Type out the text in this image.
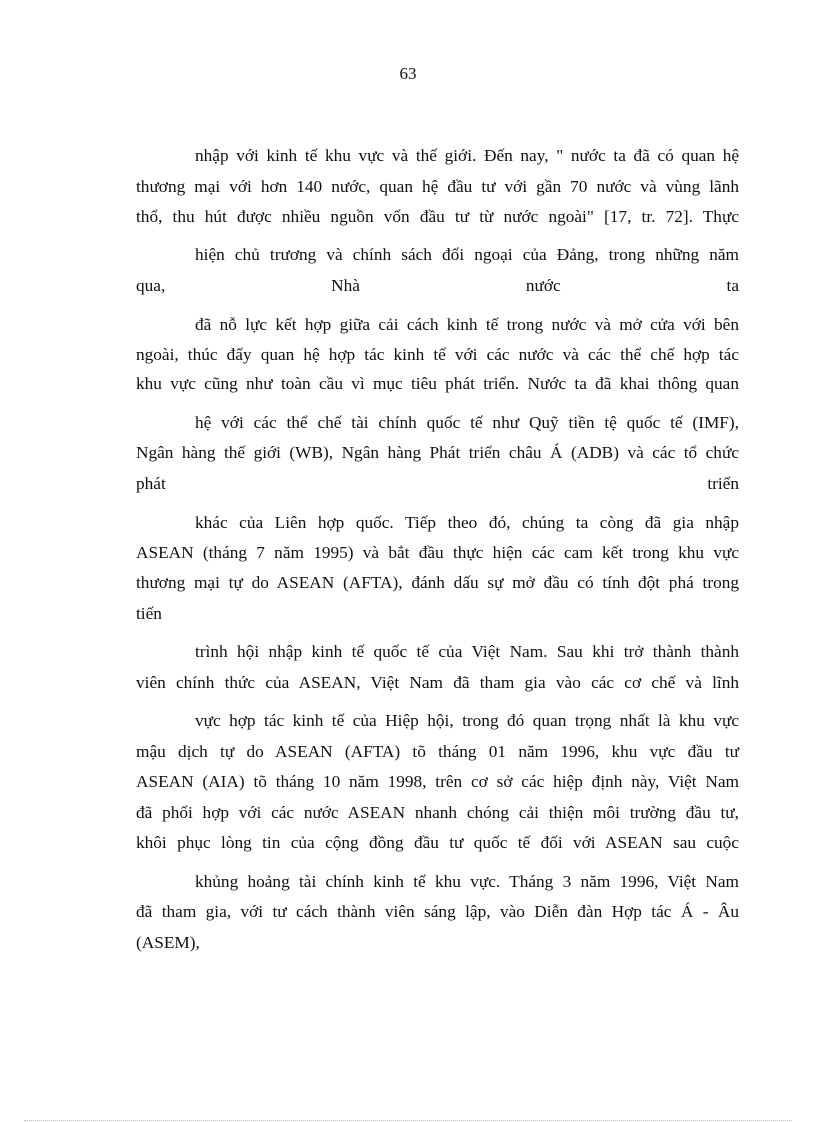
63
nhập với kinh tế khu vực và thế giới. Đến nay, " nước ta đã có quan hệ
thương mại với hơn 140 nước, quan hệ đầu tư với gần 70 nước và vùng lãnh
thổ, thu hút được nhiều nguồn vốn đầu tư từ nước ngoài" [17, tr. 72]. Thực
hiện chủ trương và chính sách đối ngoại của Đảng, trong những năm
qua, Nhà nước ta
đã nỗ lực kết hợp giữa cải cách kinh tế trong nước và mở cửa với bên
ngoài, thúc đẩy quan hệ hợp tác kinh tế với các nước và các thể chế hợp tác
khu vực cũng như toàn cầu vì mục tiêu phát triển. Nước ta đã khai thông quan
hệ với các thể chế tài chính quốc tế như Quỹ tiền tệ quốc tế (IMF),
Ngân hàng thế giới (WB), Ngân hàng Phát triển châu Á (ADB) và các tổ chức
phát triển
khác của Liên hợp quốc. Tiếp theo đó, chúng ta còng đã gia nhập
ASEAN (tháng 7 năm 1995) và bắt đầu thực hiện các cam kết trong khu vực
thương mại tự do ASEAN (AFTA), đánh dấu sự mở đầu có tính đột phá trong
tiến
trình hội nhập kinh tế quốc tế của Việt Nam. Sau khi trở thành thành
viên chính thức của ASEAN, Việt Nam đã tham gia vào các cơ chế và lĩnh
vực hợp tác kinh tế của Hiệp hội, trong đó quan trọng nhất là khu vực
mậu dịch tự do ASEAN (AFTA) tõ tháng 01 năm 1996, khu vực đầu tư
ASEAN (AIA) tõ tháng 10 năm 1998, trên cơ sở các hiệp định này, Việt Nam
đã phối hợp với các nước ASEAN nhanh chóng cải thiện môi trường đầu tư,
khôi phục lòng tin của cộng đồng đầu tư quốc tế đối với ASEAN sau cuộc
khủng hoảng tài chính kinh tế khu vực. Tháng 3 năm 1996, Việt Nam
đã tham gia, với tư cách thành viên sáng lập, vào Diễn đàn Hợp tác Á - Âu
(ASEM),
